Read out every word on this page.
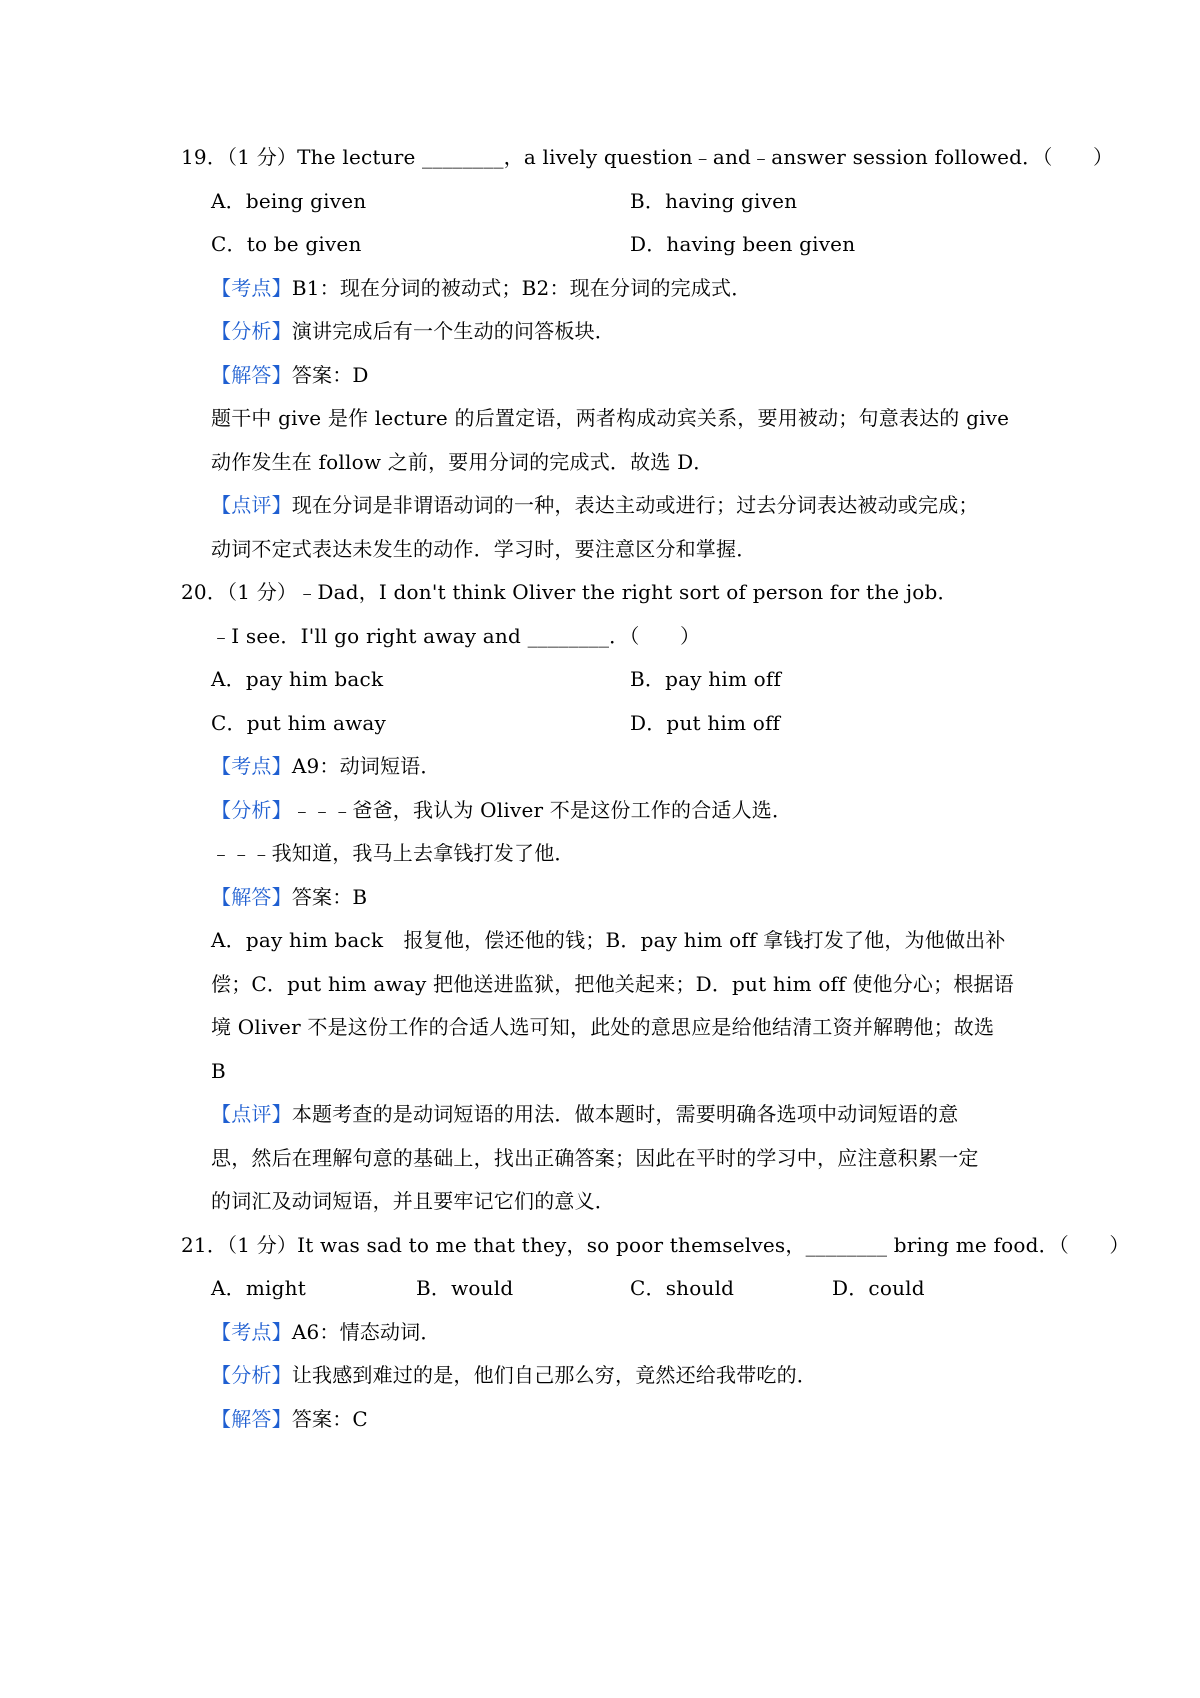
19．（1 分）The lecture ________，a lively question﹣and﹣answer session followed．（　　）
A．being given	B．having given
C．to be given	D．having been given
【考点】B1：现在分词的被动式；B2：现在分词的完成式．
【分析】演讲完成后有一个生动的问答板块．
【解答】答案：D
题干中 give 是作 lecture 的后置定语，两者构成动宾关系，要用被动；句意表达的 give
动作发生在 follow 之前，要用分词的完成式．故选 D．
【点评】现在分词是非谓语动词的一种，表达主动或进行；过去分词表达被动或完成；
动词不定式表达未发生的动作．学习时，要注意区分和掌握．
20．（1 分）﹣Dad，I don't think Oliver the right sort of person for the job．
﹣I see．I'll go right away and ________．（　　）
A．pay him back	B．pay him off
C．put him away	D．put him off
【考点】A9：动词短语．
【分析】﹣﹣﹣爸爸，我认为 Oliver 不是这份工作的合适人选．
﹣﹣﹣我知道，我马上去拿钱打发了他．
【解答】答案：B
A．pay him back　报复他，偿还他的钱；B．pay him off 拿钱打发了他，为他做出补
偿；C．put him away 把他送进监狱，把他关起来；D．put him off 使他分心；根据语
境 Oliver 不是这份工作的合适人选可知，此处的意思应是给他结清工资并解聘他；故选
B
【点评】本题考查的是动词短语的用法．做本题时，需要明确各选项中动词短语的意
思，然后在理解句意的基础上，找出正确答案；因此在平时的学习中，应注意积累一定
的词汇及动词短语，并且要牢记它们的意义．
21．（1 分）It was sad to me that they，so poor themselves，________ bring me food．（　　）
A．might	B．would	C．should	D．could
【考点】A6：情态动词．
【分析】让我感到难过的是，他们自己那么穷，竟然还给我带吃的．
【解答】答案：C
